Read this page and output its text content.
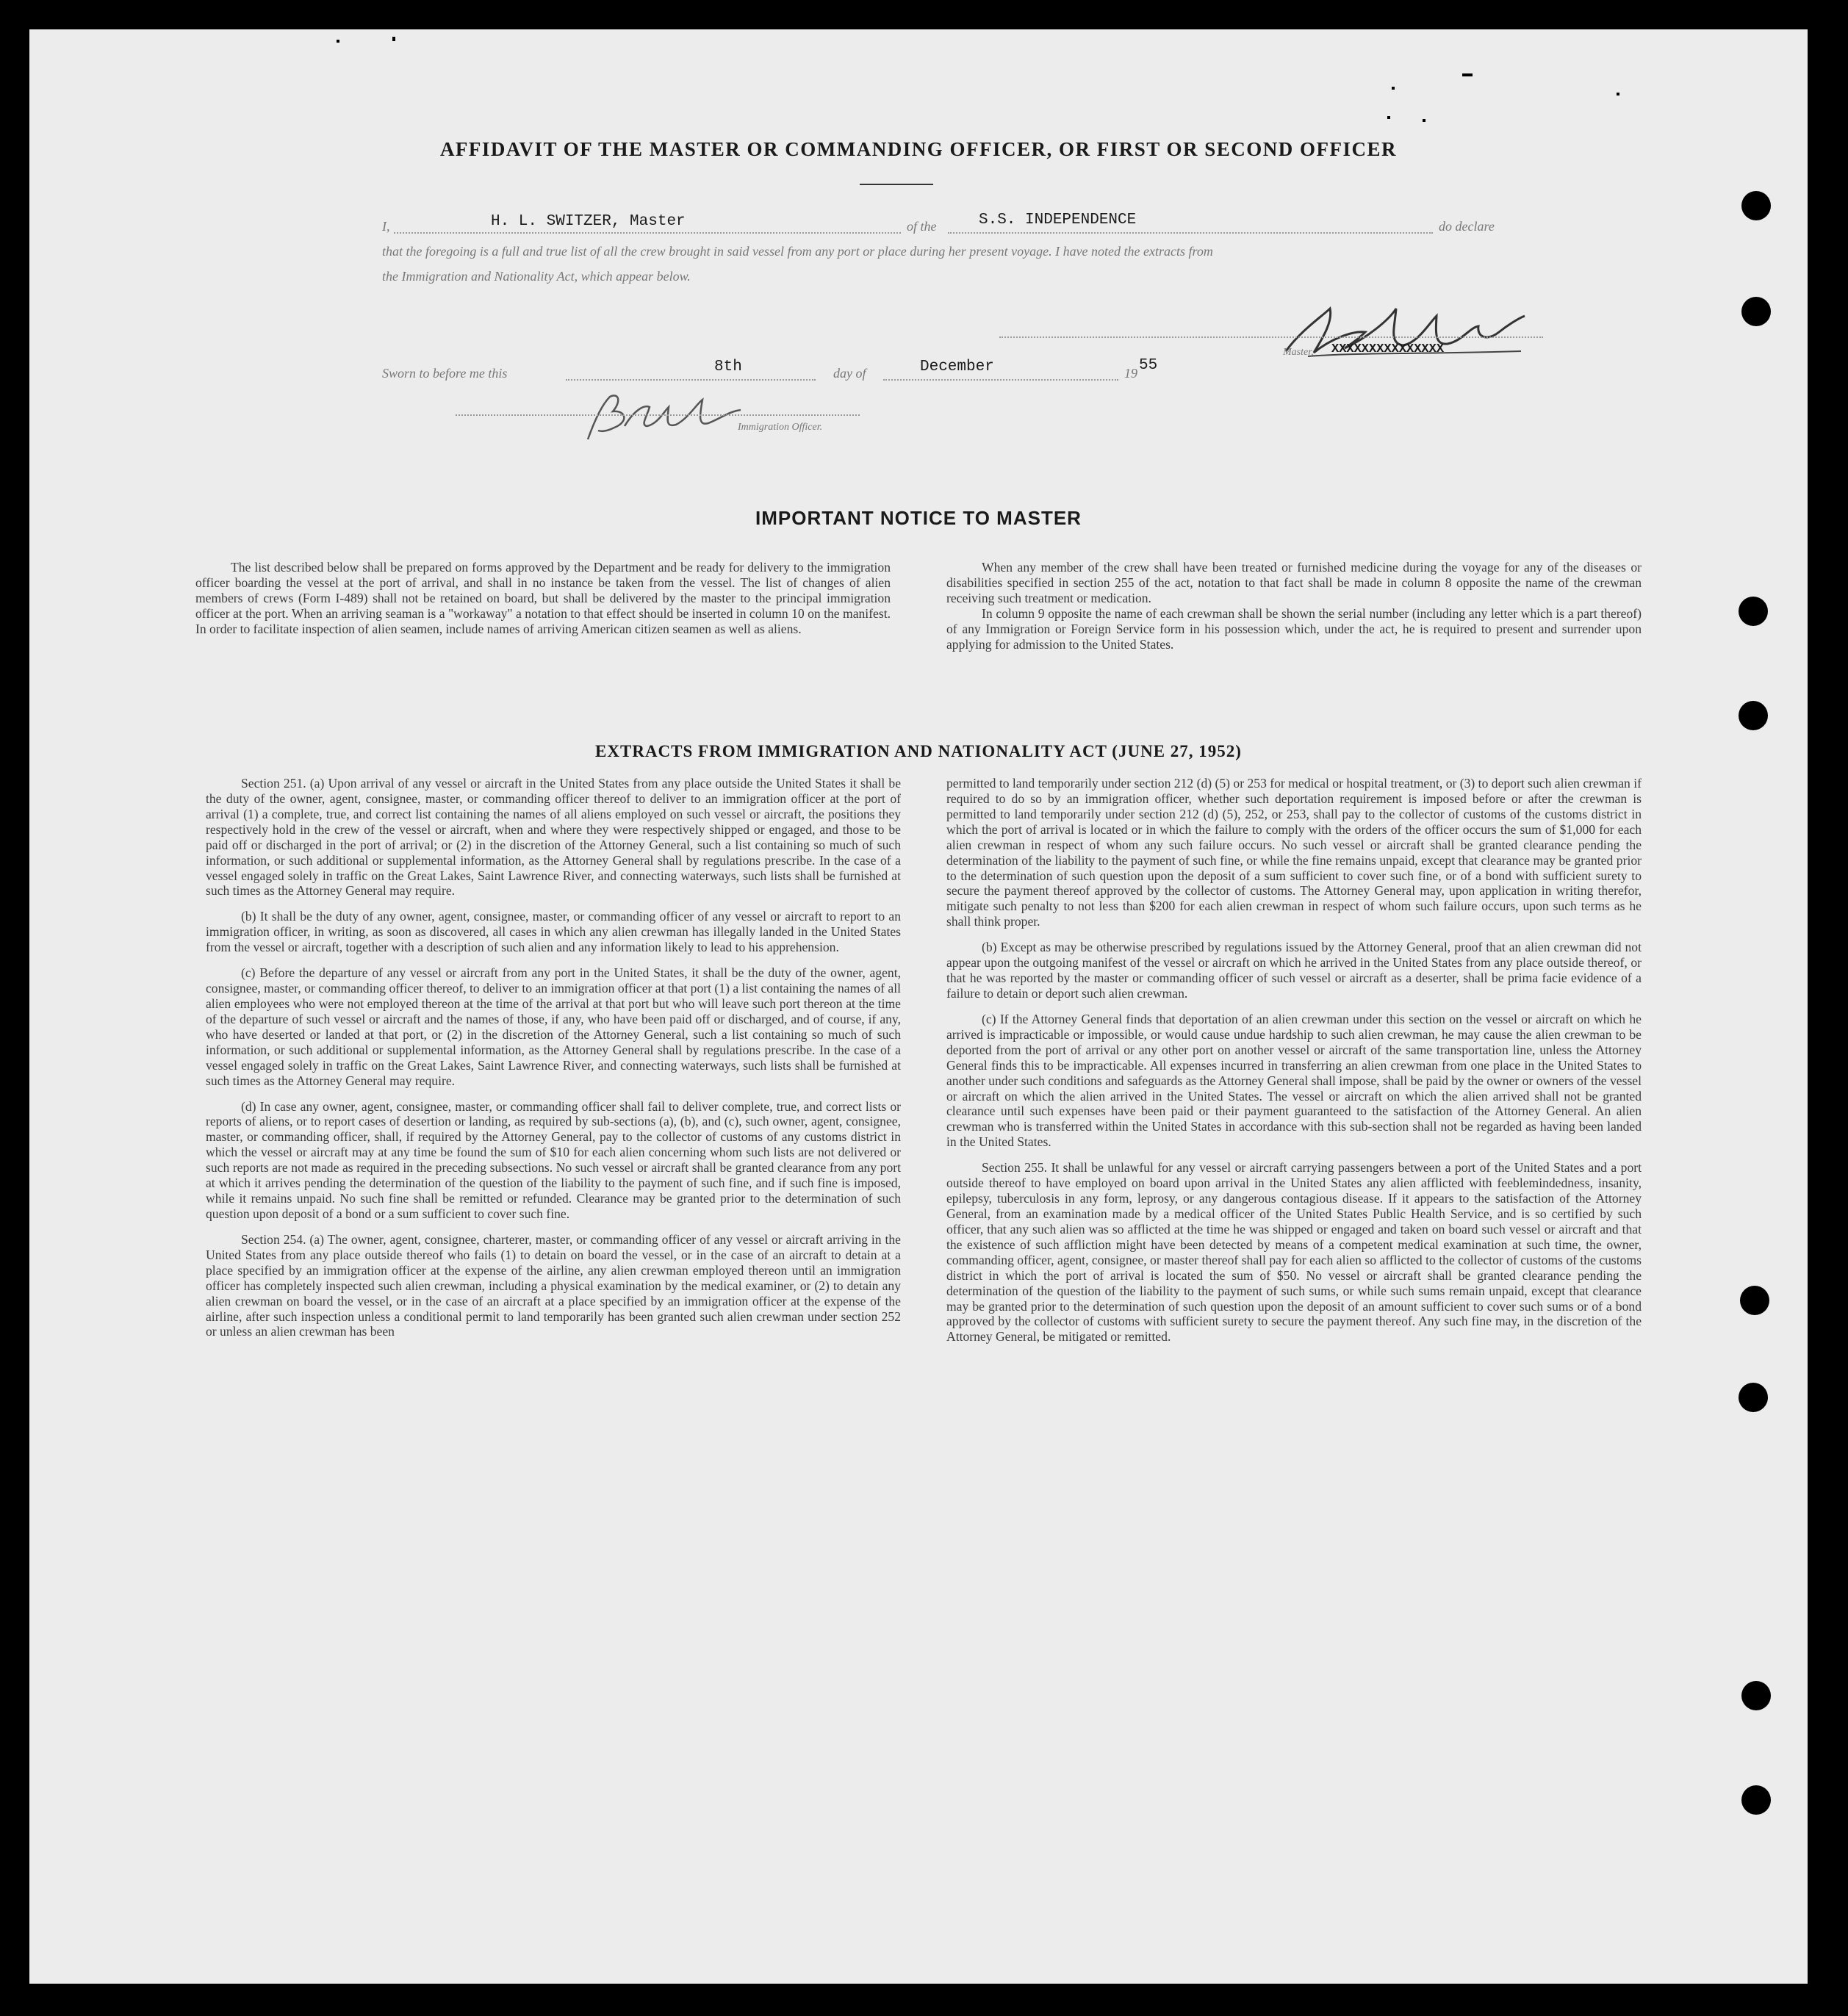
AFFIDAVIT OF THE MASTER OR COMMANDING OFFICER, OR FIRST OR SECOND OFFICER
I,	H. L. SWITZER, Master	of the	S.S. INDEPENDENCE	do declare
that the foregoing is a full and true list of all the crew brought in said vessel from any port or place during her present voyage. I have noted the extracts from
the Immigration and Nationality Act, which appear below.
Master, XXXXXXXXXXXXXXX
Sworn to before me this	8th	day of	December	19 55
Immigration Officer.
IMPORTANT NOTICE TO MASTER

The list described below shall be prepared on forms approved by the Department and be ready for delivery to the immigration officer boarding the vessel at the port of arrival, and shall in no instance be taken from the vessel. The list of changes of alien members of crews (Form I-489) shall not be retained on board, but shall be delivered by the master to the principal immigration officer at the port. When an arriving seaman is a "workaway" a notation to that effect should be inserted in column 10 on the manifest. In order to facilitate inspection of alien seamen, include names of arriving American citizen seamen as well as aliens.

When any member of the crew shall have been treated or furnished medicine during the voyage for any of the diseases or disabilities specified in section 255 of the act, notation to that fact shall be made in column 8 opposite the name of the crewman receiving such treatment or medication.

In column 9 opposite the name of each crewman shall be shown the serial number (including any letter which is a part thereof) of any Immigration or Foreign Service form in his possession which, under the act, he is required to present and surrender upon applying for admission to the United States.

EXTRACTS FROM IMMIGRATION AND NATIONALITY ACT (JUNE 27, 1952)

Section 251. (a) Upon arrival of any vessel or aircraft in the United States from any place outside the United States it shall be the duty of the owner, agent, consignee, master, or commanding officer thereof to deliver to an immigration officer at the port of arrival (1) a complete, true, and correct list containing the names of all aliens employed on such vessel or aircraft, the positions they respectively hold in the crew of the vessel or aircraft, when and where they were respectively shipped or engaged, and those to be paid off or discharged in the port of arrival; or (2) in the discretion of the Attorney General, such a list containing so much of such information, or such additional or supplemental information, as the Attorney General shall by regulations prescribe. In the case of a vessel engaged solely in traffic on the Great Lakes, Saint Lawrence River, and connecting waterways, such lists shall be furnished at such times as the Attorney General may require.

(b) It shall be the duty of any owner, agent, consignee, master, or commanding officer of any vessel or aircraft to report to an immigration officer, in writing, as soon as discovered, all cases in which any alien crewman has illegally landed in the United States from the vessel or aircraft, together with a description of such alien and any information likely to lead to his apprehension.

(c) Before the departure of any vessel or aircraft from any port in the United States, it shall be the duty of the owner, agent, consignee, master, or commanding officer thereof, to deliver to an immigration officer at that port (1) a list containing the names of all alien employees who were not employed thereon at the time of the arrival at that port but who will leave such port thereon at the time of the departure of such vessel or aircraft and the names of those, if any, who have been paid off or discharged, and of course, if any, who have deserted or landed at that port, or (2) in the discretion of the Attorney General, such a list containing so much of such information, or such additional or supplemental information, as the Attorney General shall by regulations prescribe. In the case of a vessel engaged solely in traffic on the Great Lakes, Saint Lawrence River, and connecting waterways, such lists shall be furnished at such times as the Attorney General may require.

(d) In case any owner, agent, consignee, master, or commanding officer shall fail to deliver complete, true, and correct lists or reports of aliens, or to report cases of desertion or landing, as required by sub-sections (a), (b), and (c), such owner, agent, consignee, master, or commanding officer, shall, if required by the Attorney General, pay to the collector of customs of any customs district in which the vessel or aircraft may at any time be found the sum of $10 for each alien concerning whom such lists are not delivered or such reports are not made as required in the preceding subsections. No such vessel or aircraft shall be granted clearance from any port at which it arrives pending the determination of the question of the liability to the payment of such fine, and if such fine is imposed, while it remains unpaid. No such fine shall be remitted or refunded. Clearance may be granted prior to the determination of such question upon deposit of a bond or a sum sufficient to cover such fine.

Section 254. (a) The owner, agent, consignee, charterer, master, or commanding officer of any vessel or aircraft arriving in the United States from any place outside thereof who fails (1) to detain on board the vessel, or in the case of an aircraft to detain at a place specified by an immigration officer at the expense of the airline, any alien crewman employed thereon until an immigration officer has completely inspected such alien crewman, including a physical examination by the medical examiner, or (2) to detain any alien crewman on board the vessel, or in the case of an aircraft at a place specified by an immigration officer at the expense of the airline, after such inspection unless a conditional permit to land temporarily has been granted such alien crewman under section 252 or unless an alien crewman has been

permitted to land temporarily under section 212 (d) (5) or 253 for medical or hospital treatment, or (3) to deport such alien crewman if required to do so by an immigration officer, whether such deportation requirement is imposed before or after the crewman is permitted to land temporarily under section 212 (d) (5), 252, or 253, shall pay to the collector of customs of the customs district in which the port of arrival is located or in which the failure to comply with the orders of the officer occurs the sum of $1,000 for each alien crewman in respect of whom any such failure occurs. No such vessel or aircraft shall be granted clearance pending the determination of the liability to the payment of such fine, or while the fine remains unpaid, except that clearance may be granted prior to the determination of such question upon the deposit of a sum sufficient to cover such fine, or of a bond with sufficient surety to secure the payment thereof approved by the collector of customs. The Attorney General may, upon application in writing therefor, mitigate such penalty to not less than $200 for each alien crewman in respect of whom such failure occurs, upon such terms as he shall think proper.

(b) Except as may be otherwise prescribed by regulations issued by the Attorney General, proof that an alien crewman did not appear upon the outgoing manifest of the vessel or aircraft on which he arrived in the United States from any place outside thereof, or that he was reported by the master or commanding officer of such vessel or aircraft as a deserter, shall be prima facie evidence of a failure to detain or deport such alien crewman.

(c) If the Attorney General finds that deportation of an alien crewman under this section on the vessel or aircraft on which he arrived is impracticable or impossible, or would cause undue hardship to such alien crewman, he may cause the alien crewman to be deported from the port of arrival or any other port on another vessel or aircraft of the same transportation line, unless the Attorney General finds this to be impracticable. All expenses incurred in transferring an alien crewman from one place in the United States to another under such conditions and safeguards as the Attorney General shall impose, shall be paid by the owner or owners of the vessel or aircraft on which the alien arrived in the United States. The vessel or aircraft on which the alien arrived shall not be granted clearance until such expenses have been paid or their payment guaranteed to the satisfaction of the Attorney General. An alien crewman who is transferred within the United States in accordance with this sub-section shall not be regarded as having been landed in the United States.

Section 255. It shall be unlawful for any vessel or aircraft carrying passengers between a port of the United States and a port outside thereof to have employed on board upon arrival in the United States any alien afflicted with feeblemindedness, insanity, epilepsy, tuberculosis in any form, leprosy, or any dangerous contagious disease. If it appears to the satisfaction of the Attorney General, from an examination made by a medical officer of the United States Public Health Service, and is so certified by such officer, that any such alien was so afflicted at the time he was shipped or engaged and taken on board such vessel or aircraft and that the existence of such affliction might have been detected by means of a competent medical examination at such time, the owner, commanding officer, agent, consignee, or master thereof shall pay for each alien so afflicted to the collector of customs of the customs district in which the port of arrival is located the sum of $50. No vessel or aircraft shall be granted clearance pending the determination of the question of the liability to the payment of such sums, or while such sums remain unpaid, except that clearance may be granted prior to the determination of such question upon the deposit of an amount sufficient to cover such sums or of a bond approved by the collector of customs with sufficient surety to secure the payment thereof. Any such fine may, in the discretion of the Attorney General, be mitigated or remitted.
